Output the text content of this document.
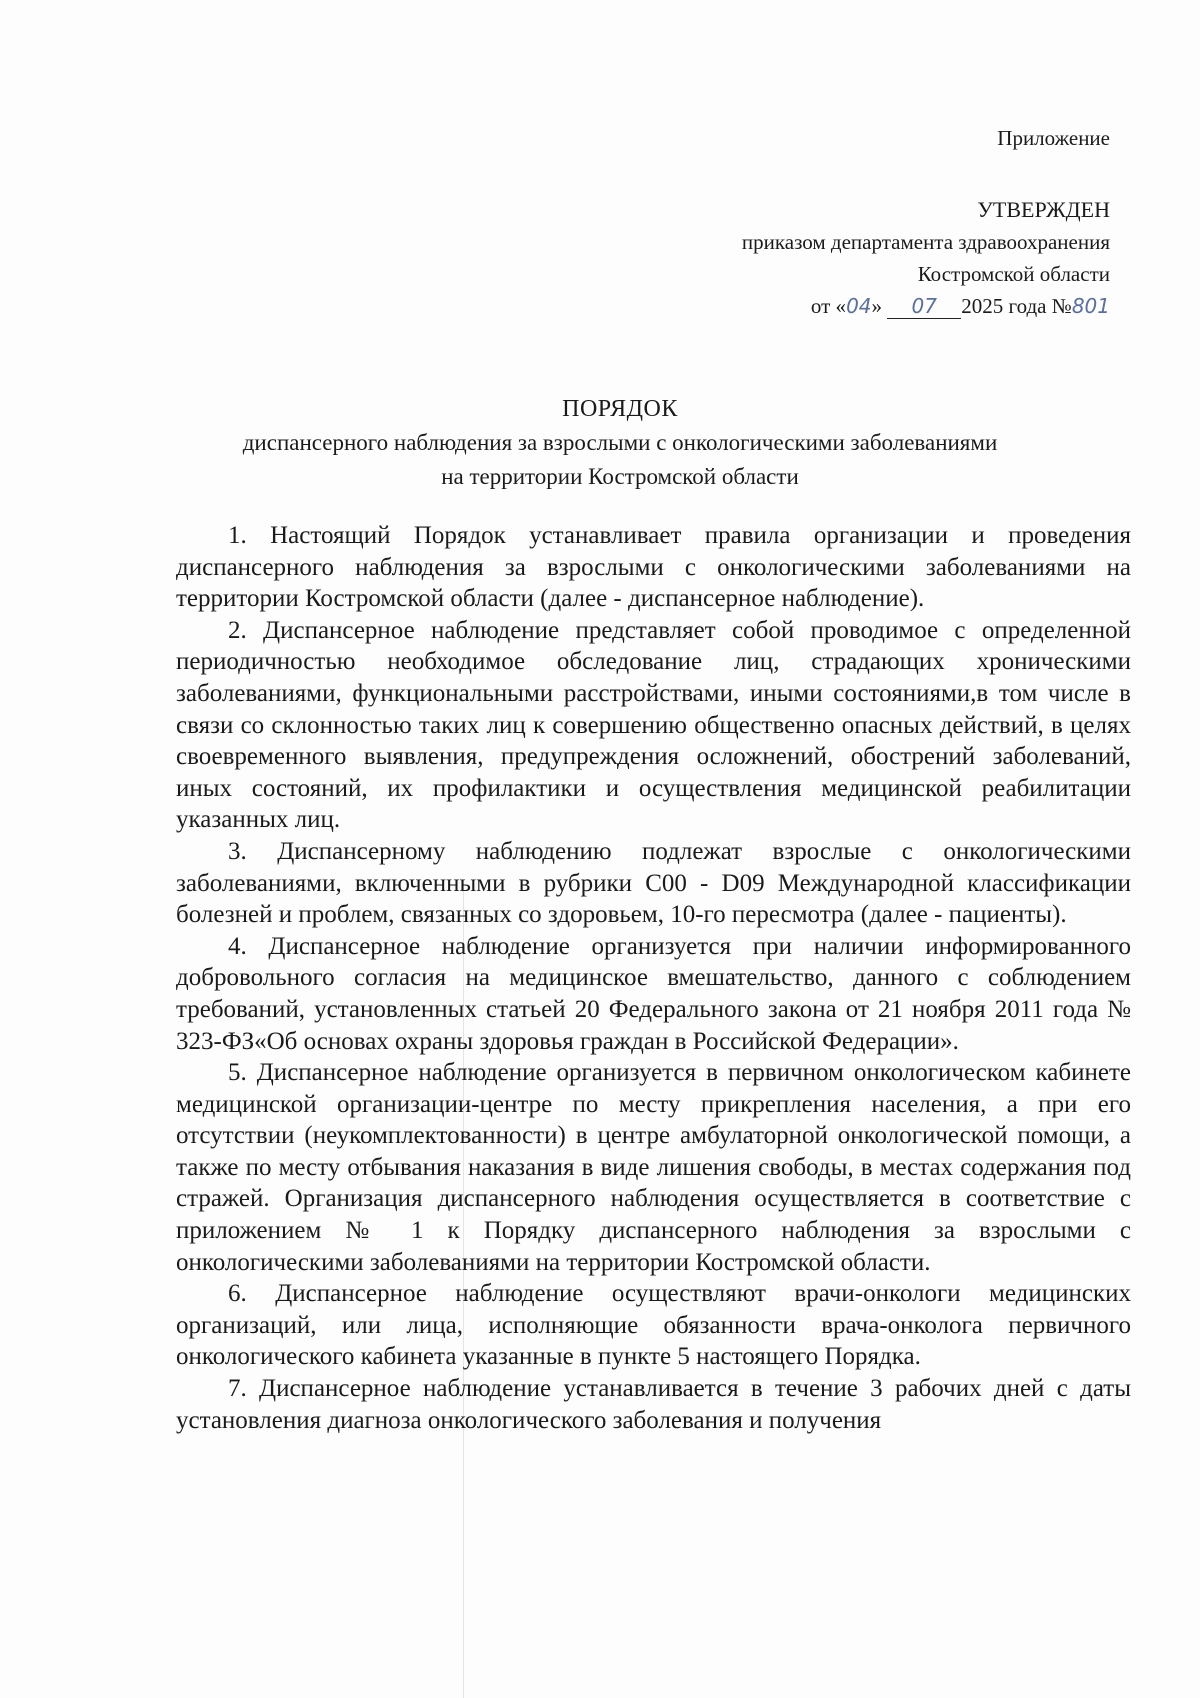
Приложение
УТВЕРЖДЕН
приказом департамента здравоохранения
Костромской области
от «04» 07 2025 года №801
ПОРЯДОК
диспансерного наблюдения за взрослыми с онкологическими заболеваниями
на территории Костромской области

1. Настоящий Порядок устанавливает правила организации и проведения диспансерного наблюдения за взрослыми с онкологическими заболеваниями на территории Костромской области (далее - диспансерное наблюдение).

2. Диспансерное наблюдение представляет собой проводимое с определенной периодичностью необходимое обследование лиц, страдающих хроническими заболеваниями, функциональными расстройствами, иными состояниями,в том числе в связи со склонностью таких лиц к совершению общественно опасных действий, в целях своевременного выявления, предупреждения осложнений, обострений заболеваний, иных состояний, их профилактики и осуществления медицинской реабилитации указанных лиц.

3. Диспансерному наблюдению подлежат взрослые с онкологическими заболеваниями, включенными в рубрики С00 - D09 Международной классификации болезней и проблем, связанных со здоровьем, 10-го пересмотра (далее - пациенты).

4. Диспансерное наблюдение организуется при наличии информированного добровольного согласия на медицинское вмешательство, данного с соблюдением требований, установленных статьей 20 Федерального закона от 21 ноября 2011 года № 323-ФЗ«Об основах охраны здоровья граждан в Российской Федерации».

5. Диспансерное наблюдение организуется в первичном онкологическом кабинете медицинской организации-центре по месту прикрепления населения, а при его отсутствии (неукомплектованности) в центре амбулаторной онкологической помощи, а также по месту отбывания наказания в виде лишения свободы, в местах содержания под стражей. Организация диспансерного наблюдения осуществляется в соответствие с приложением № 1 к Порядку диспансерного наблюдения за взрослыми с онкологическими заболеваниями на территории Костромской области.

6. Диспансерное наблюдение осуществляют врачи-онкологи медицинских организаций, или лица, исполняющие обязанности врача-онколога первичного онкологического кабинета указанные в пункте 5 настоящего Порядка.

7. Диспансерное наблюдение устанавливается в течение 3 рабочих дней с даты установления диагноза онкологического заболевания и получения
